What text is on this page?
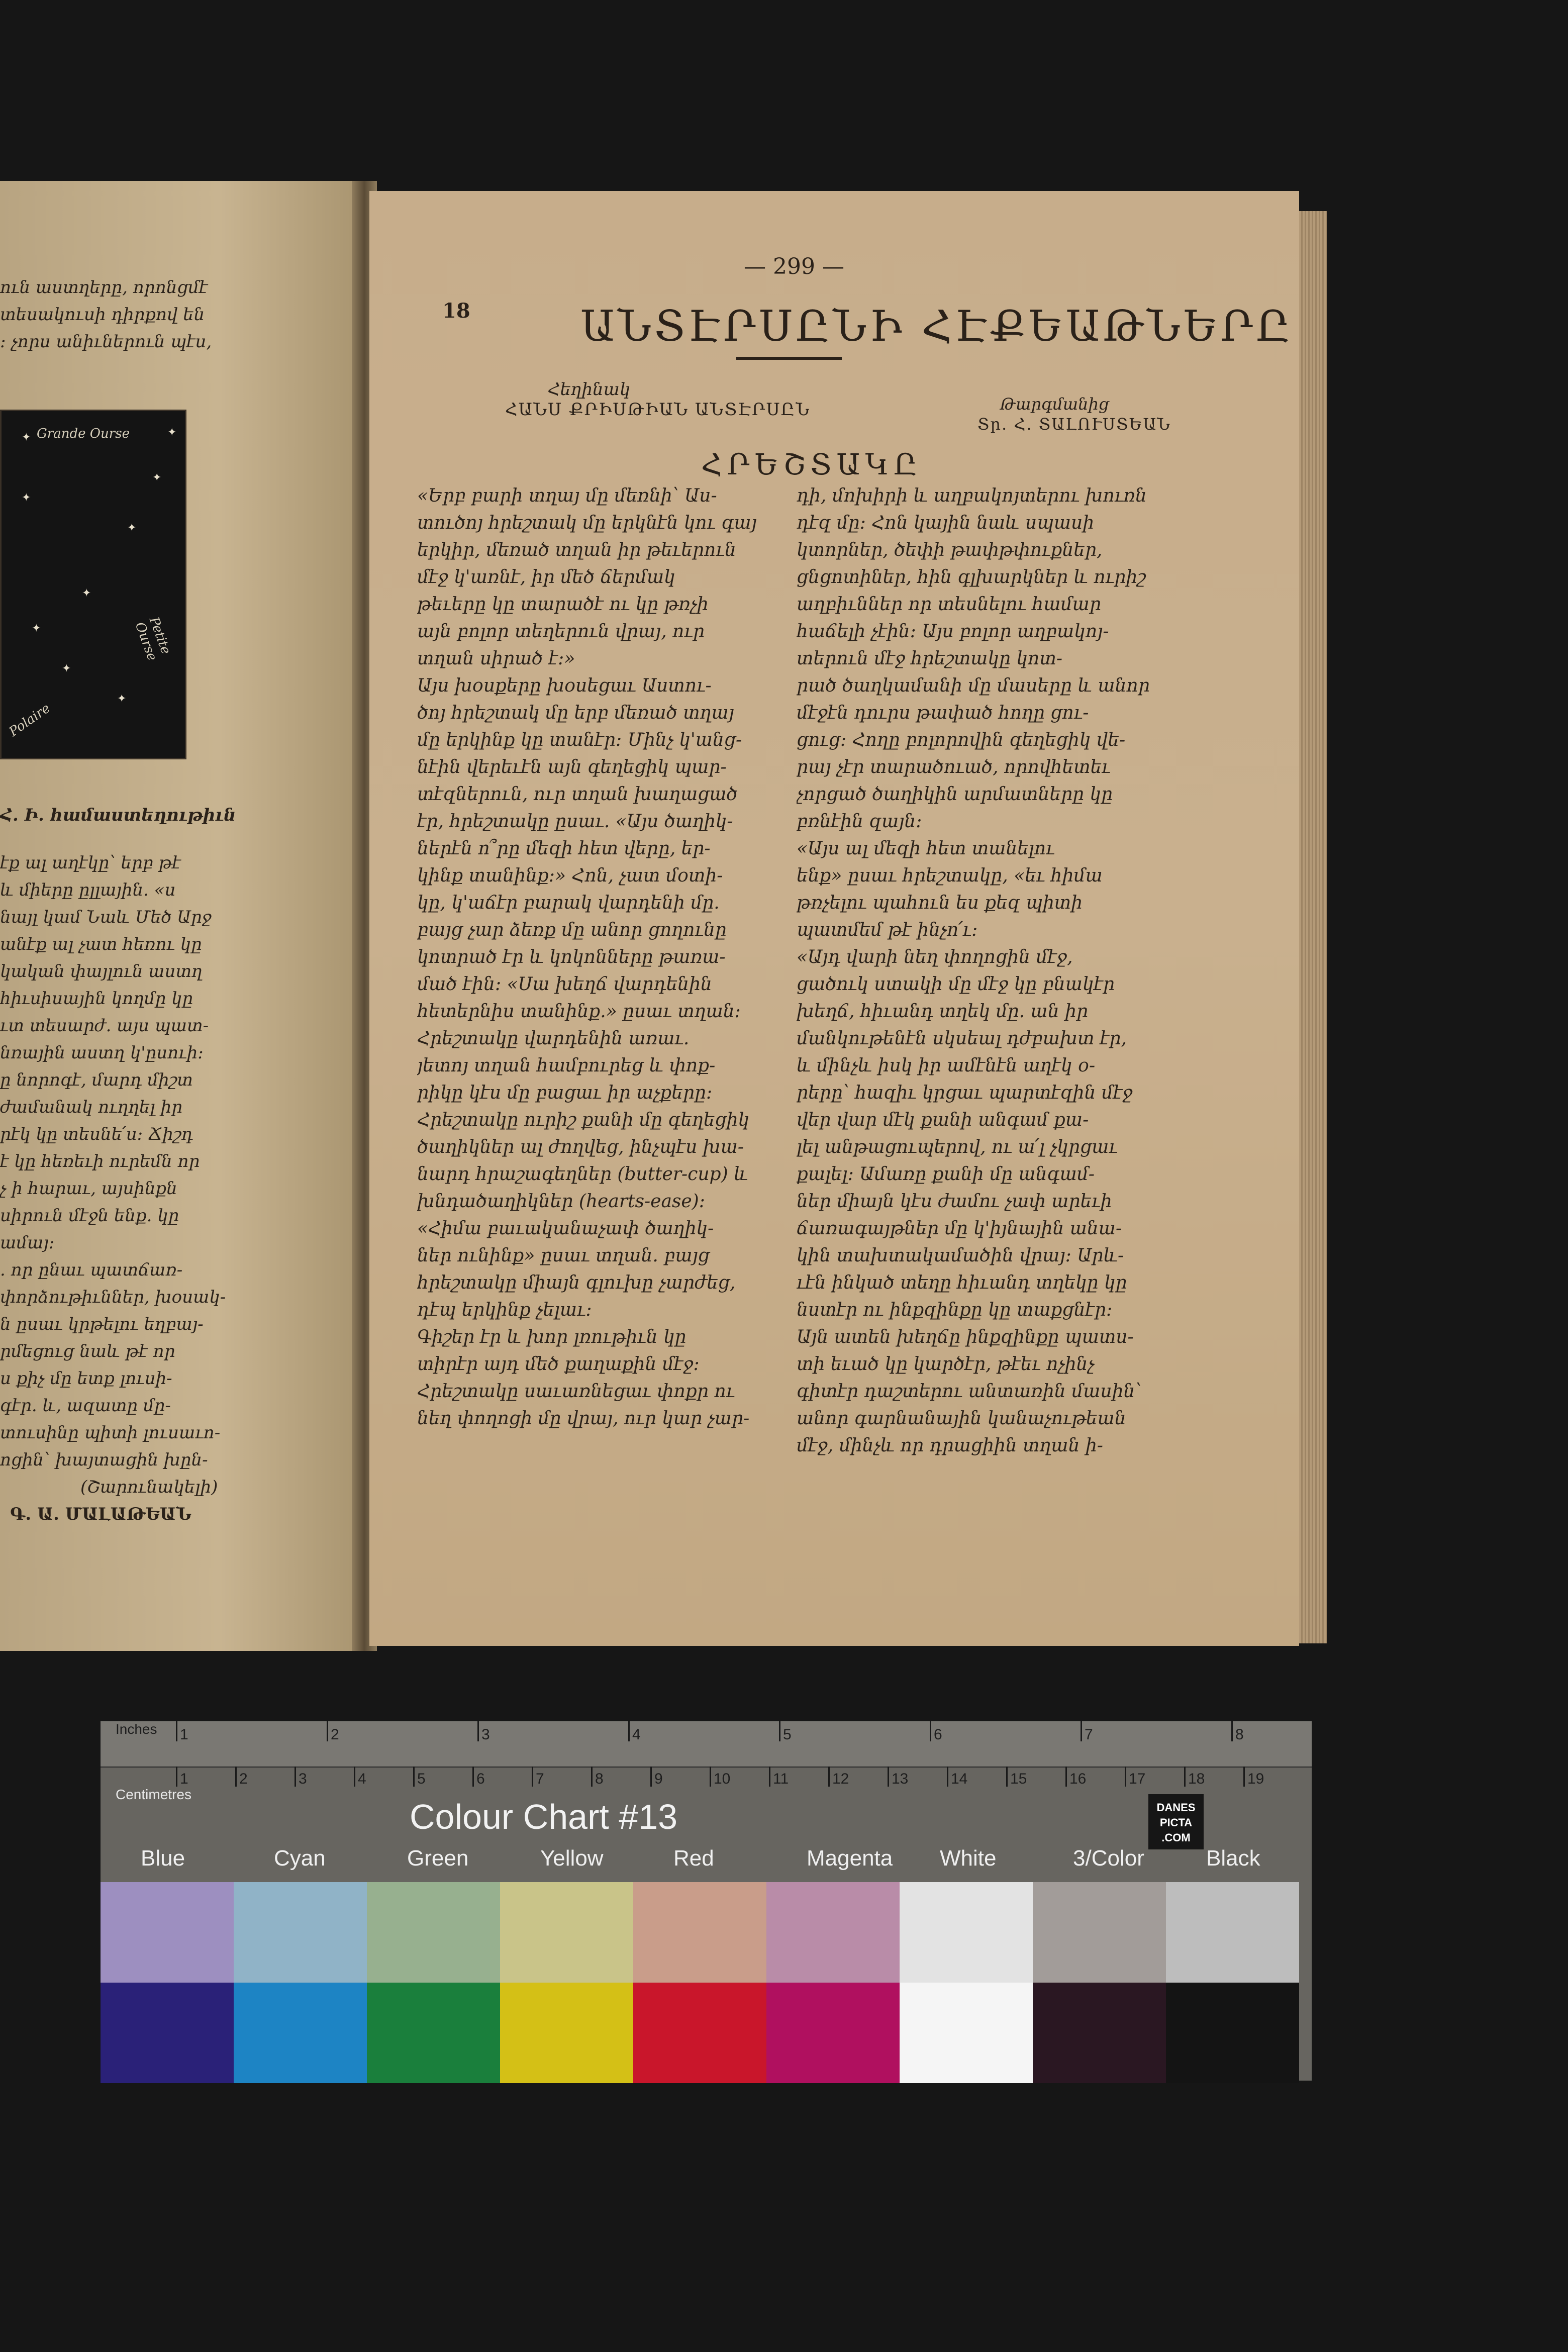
ուն աստղերը, որոնցմէ
տեսակուսի դիրքով են
։ չորս անիւներուն պէս,
Grande Ourse
Petite Ourse
Polaire
✦	✦
✦
✦
✦
✦
✦
✦
✦
Հ. Ի. համաստեղութիւն
էք ալ աղէկը՝ երբ թէ
և միերը ըլլային. «ս
նայլ կամ Նաև Մեծ Արջ
անէք ալ չատ հեռու կը
կական փայլուն աստղ
հիւսիսային կողմը կը
ւտ տեսարժ. այս պատ-
նռային աստղ կ'ըսուի։
ը նորոգէ, մարդ միշտ
ժամանակ ուղղել իր
րէկ կը տեսնե՛ս։ Ճիշդ
է կը հեռեւի ուրեմն որ
չ ի հարաւ, այսինքն
սիրուն մէջն ենք. կը
ամայ։
. որ ընաւ պատճառ-
փորձութիւններ, խօսակ-
ն ըսաւ կրթելու եղբայ-
րմեցուց նաև թէ որ
ս քիչ մը ետք լուսի-
գէր. և, ազատը մը-
տուսինը պիտի լուսաւո-
ոցին՝ խայտացին խըն-
(Շարունակելի)
Գ. Ա. ՄԱԼԱԹԵԱՆ
— 299 —
18	ԱՆՏԷՐՍԸՆԻ ՀԷՔԵԱԹՆԵՐԸ
Հեղինակ
ՀԱՆՍ ՔՐԻՍԹԻԱՆ ԱՆՏԷՐՍԸՆ	Թարգմանից
Տր. Հ. ՏԱԼՈՒՍՏԵԱՆ
ՀՐԵՇՏԱԿԸ
«Երբ բարի տղայ մը մեռնի՝ Աս-
տուծոյ հրեշտակ մը երկնէն կու գայ
երկիր, մեռած տղան իր թեւերուն
մէջ կ'առնէ, իր մեծ ճերմակ
թեւերը կը տարածէ ու կը թռչի
այն բոլոր տեղերուն վրայ, ուր
տղան սիրած է։»
Այս խօսքերը խօսեցաւ Աստու-
ծոյ հրեշտակ մը երբ մեռած տղայ
մը երկինք կը տանէր։ Մինչ կ'անց-
նէին վերեւէն այն գեղեցիկ պար-
տէզներուն, ուր տղան խաղացած
էր, հրեշտակը ըսաւ. «Այս ծաղիկ-
ներէն ո՞րը մեզի հետ վերը, եր-
կինք տանինք։» Հոն, չատ մօտի-
կը, կ'աճէր բարակ վարդենի մը.
բայց չար ձեռք մը անոր ցողունը
կոտրած էր և կոկոնները թառա-
մած էին։ «Սա խեղճ վարդենին
հետերնիս տանինք.» ըսաւ տղան։
Հրեշտակը վարդենին առաւ.
յետոյ տղան համբուրեց և փոք-
րիկը կէս մը բացաւ իր աչքերը։
Հրեշտակը ուրիշ քանի մը գեղեցիկ
ծաղիկներ ալ ժողվեց, ինչպէս խա-
նարդ հրաշագեղներ (butter-cup) և
խնդածաղիկներ (hearts-ease)։
«Հիմա բաւականաչափ ծաղիկ-
ներ ունինք» ըսաւ տղան. բայց
հրեշտակը միայն գլուխը չարժեց,
դէպ երկինք չելաւ։
Գիշեր էր և խոր լռութիւն կը
տիրէր այդ մեծ քաղաքին մէջ։
Հրեշտակը սաւառնեցաւ փոքր ու
նեղ փողոցի մը վրայ, ուր կար չար-
դի, մոխիրի և աղբակոյտերու խուռն
դէզ մը։ Հոն կային նաև սպասի
կտորներ, ծեփի թափթփուքներ,
ցնցոտիներ, հին գլխարկներ և ուրիշ
աղբիւններ որ տեսնելու համար
հաճելի չէին։ Այս բոլոր աղբակոյ-
տերուն մէջ հրեշտակը կոտ-
րած ծաղկամանի մը մասերը և անոր
մէջէն դուրս թափած հողը ցու-
ցուց։ Հողը բոլորովին գեղեցիկ վե-
րայ չէր տարածուած, որովհետեւ
չորցած ծաղիկին արմատները կը
բռնէին զայն։
«Այս ալ մեզի հետ տանելու
ենք» ըսաւ հրեշտակը, «եւ հիմա
թռչելու պահուն ես քեզ պիտի
պատմեմ թէ ինչո՛ւ։
«Այդ վարի նեղ փողոցին մէջ,
ցածուկ ստակի մը մէջ կը բնակէր
խեղճ, հիւանդ տղեկ մը. ան իր
մանկութենէն սկսեալ դժբախտ էր,
և մինչև իսկ իր ամէնէն աղէկ օ-
րերը՝ հազիւ կրցաւ պարտէզին մէջ
վեր վար մէկ քանի անգամ քա-
լել անթացուպերով, ու ա՛լ չկրցաւ
քալել։ Ամառը քանի մը անգամ-
ներ միայն կէս ժամու չափ արեւի
ճառագայթներ մը կ'իյնային անա-
կին տախտակամածին վրայ։ Արև-
ւէն ինկած տեղը հիւանդ տղեկը կը
նստէր ու ինքզինքը կը տաքցնէր։
Այն ատեն խեղճը ինքզինքը պատս-
տի եւած կը կարծէր, թէեւ ոչինչ
գիտէր դաշտերու անտառին մասին՝
անոր գարնանային կանաչութեան
մէջ, մինչև որ դրացիին տղան ի-
Inches
Centimetres
1	2	3	4	5	6	7	8
1	2	3	4	5	6	7	8	9	10	11	12	13	14	15	16	17	18	19
Colour Chart #13	DANES PICTA .COM
Blue	Cyan	Green	Yellow	Red	Magenta White	3/Color	Black
